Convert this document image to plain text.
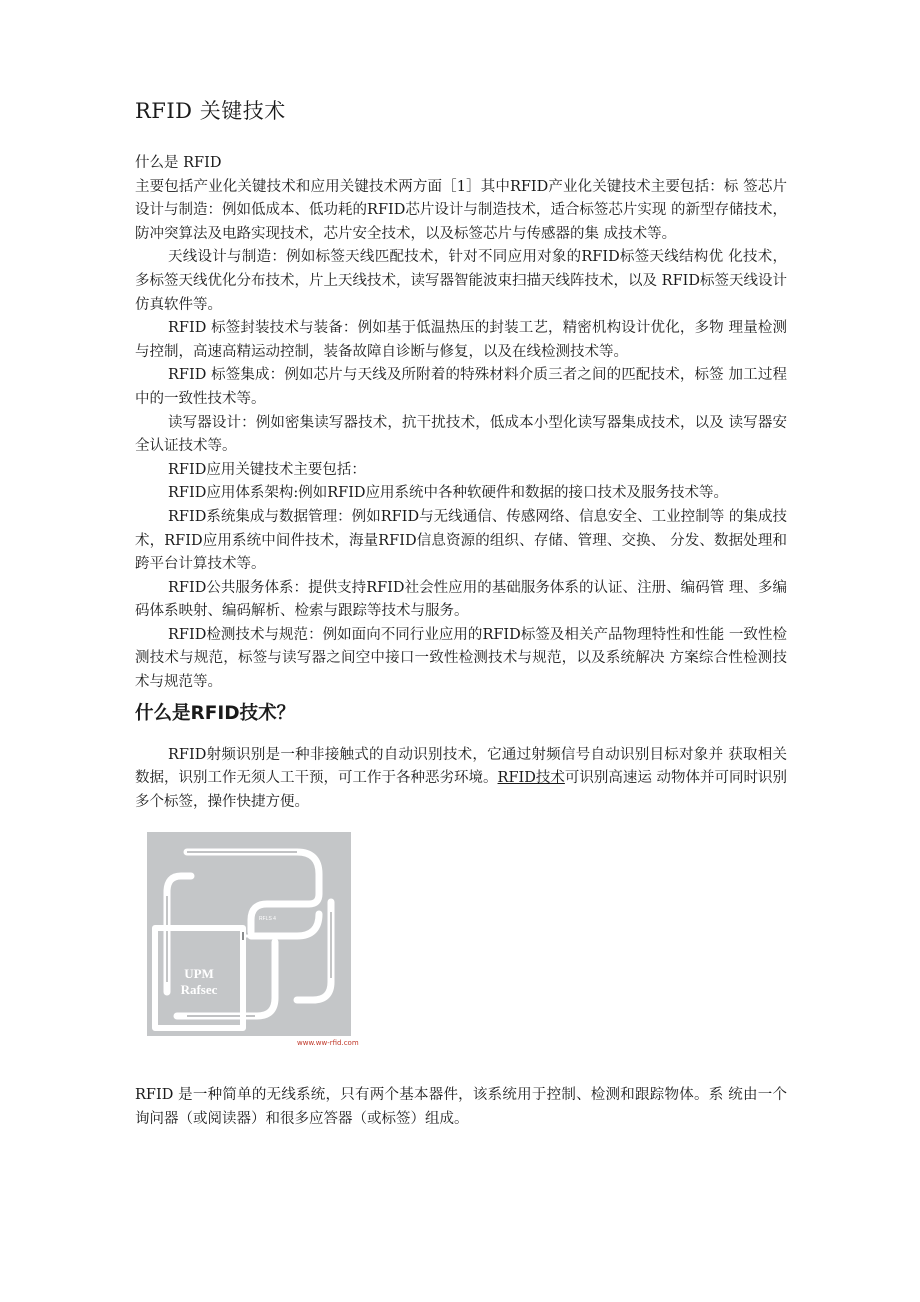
RFID 关键技术

什么是 RFID

主要包括产业化关键技术和应用关键技术两方面［1］其中RFID产业化关键技术主要包括：标 签芯片设计与制造：例如低成本、低功耗的RFID芯片设计与制造技术，适合标签芯片实现 的新型存储技术，防冲突算法及电路实现技术，芯片安全技术，以及标签芯片与传感器的集 成技术等。

天线设计与制造：例如标签天线匹配技术，针对不同应用对象的RFID标签天线结构优 化技术，多标签天线优化分布技术，片上天线技术，读写器智能波束扫描天线阵技术，以及 RFID标签天线设计仿真软件等。

RFID 标签封装技术与装备：例如基于低温热压的封装工艺，精密机构设计优化，多物 理量检测与控制，高速高精运动控制，装备故障自诊断与修复，以及在线检测技术等。

RFID 标签集成：例如芯片与天线及所附着的特殊材料介质三者之间的匹配技术，标签 加工过程中的一致性技术等。

读写器设计：例如密集读写器技术，抗干扰技术，低成本小型化读写器集成技术，以及 读写器安全认证技术等。

RFID应用关键技术主要包括：

RFID应用体系架构:例如RFID应用系统中各种软硬件和数据的接口技术及服务技术等。

RFID系统集成与数据管理：例如RFID与无线通信、传感网络、信息安全、工业控制等 的集成技术，RFID应用系统中间件技术，海量RFID信息资源的组织、存储、管理、交换、 分发、数据处理和跨平台计算技术等。

RFID公共服务体系：提供支持RFID社会性应用的基础服务体系的认证、注册、编码管 理、多编码体系映射、编码解析、检索与跟踪等技术与服务。

RFID检测技术与规范：例如面向不同行业应用的RFID标签及相关产品物理特性和性能 一致性检测技术与规范，标签与读写器之间空中接口一致性检测技术与规范，以及系统解决 方案综合性检测技术与规范等。

什么是RFID技术？

RFID射频识别是一种非接触式的自动识别技术，它通过射频信号自动识别目标对象并 获取相关数据，识别工作无须人工干预，可工作于各种恶劣环境。RFID技术可识别高速运 动物体并可同时识别多个标签，操作快捷方便。

RFLS 4
UPM
Rafsec
www.ww-rfid.com

RFID 是一种简单的无线系统，只有两个基本器件，该系统用于控制、检测和跟踪物体。系 统由一个询问器（或阅读器）和很多应答器（或标签）组成。
